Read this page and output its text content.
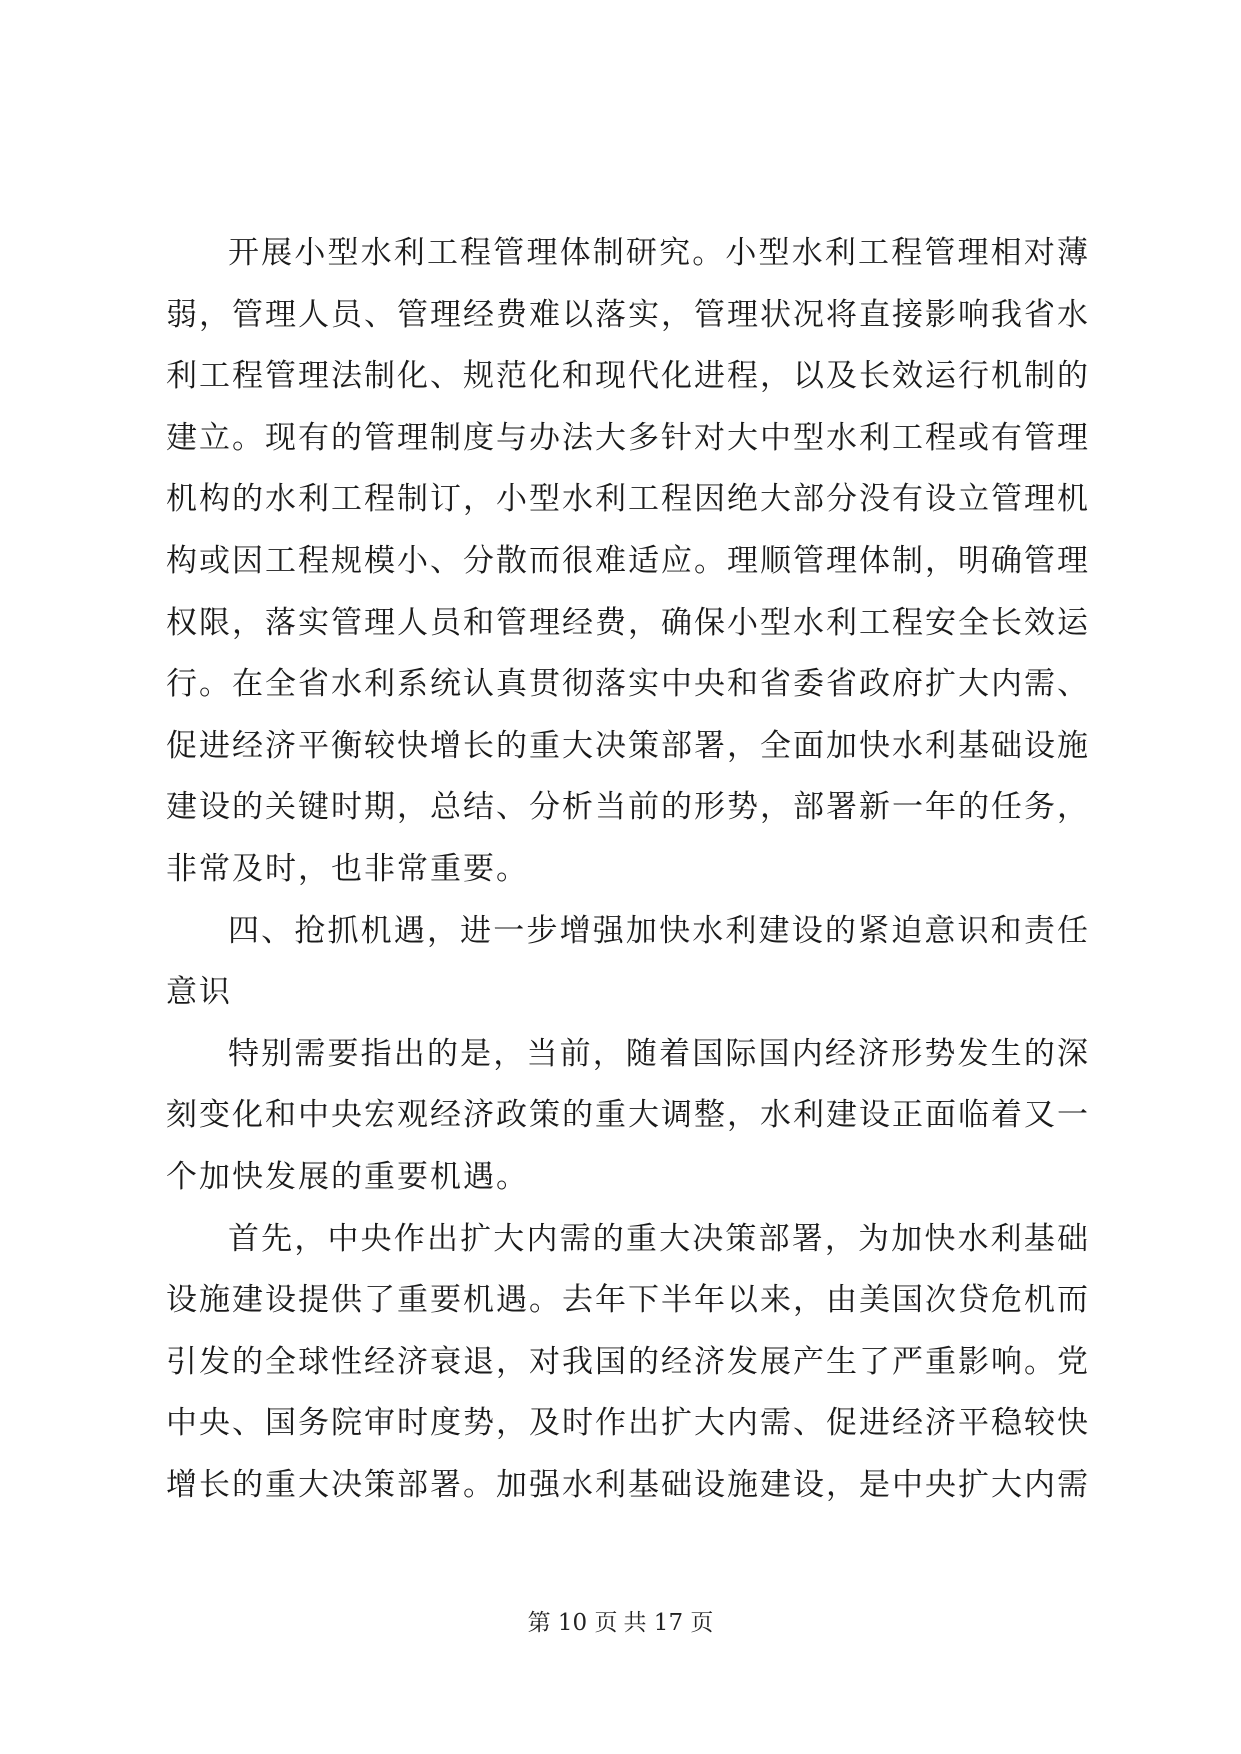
开展小型水利工程管理体制研究。小型水利工程管理相对薄弱，管理人员、管理经费难以落实，管理状况将直接影响我省水利工程管理法制化、规范化和现代化进程，以及长效运行机制的建立。现有的管理制度与办法大多针对大中型水利工程或有管理机构的水利工程制订，小型水利工程因绝大部分没有设立管理机构或因工程规模小、分散而很难适应。理顺管理体制，明确管理权限，落实管理人员和管理经费，确保小型水利工程安全长效运行。在全省水利系统认真贯彻落实中央和省委省政府扩大内需、促进经济平衡较快增长的重大决策部署，全面加快水利基础设施建设的关键时期，总结、分析当前的形势，部署新一年的任务，非常及时，也非常重要。

四、抢抓机遇，进一步增强加快水利建设的紧迫意识和责任意识

特别需要指出的是，当前，随着国际国内经济形势发生的深刻变化和中央宏观经济政策的重大调整，水利建设正面临着又一个加快发展的重要机遇。

首先，中央作出扩大内需的重大决策部署，为加快水利基础设施建设提供了重要机遇。去年下半年以来，由美国次贷危机而引发的全球性经济衰退，对我国的经济发展产生了严重影响。党中央、国务院审时度势，及时作出扩大内需、促进经济平稳较快增长的重大决策部署。加强水利基础设施建设，是中央扩大内需

第 10 页 共 17 页
